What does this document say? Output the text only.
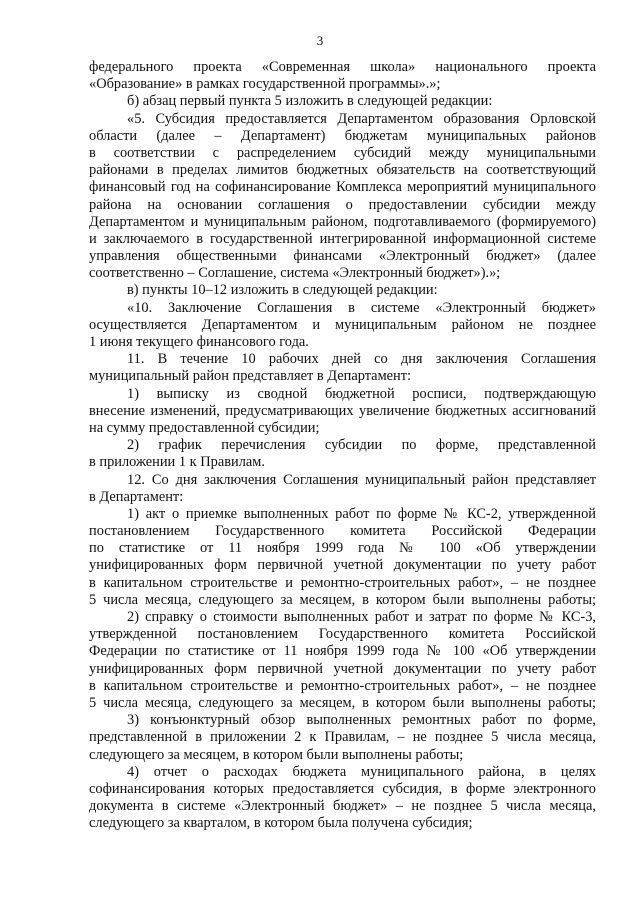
3
федерального проекта «Современная школа» национального проекта
«Образование» в рамках государственной программы».»;
б) абзац первый пункта 5 изложить в следующей редакции:
«5. Субсидия предоставляется Департаментом образования Орловской
области (далее – Департамент) бюджетам муниципальных районов
в соответствии с распределением субсидий между муниципальными
районами в пределах лимитов бюджетных обязательств на соответствующий
финансовый год на софинансирование Комплекса мероприятий муниципального
района на основании соглашения о предоставлении субсидии между
Департаментом и муниципальным районом, подготавливаемого (формируемого)
и заключаемого в государственной интегрированной информационной системе
управления общественными финансами «Электронный бюджет» (далее
соответственно – Соглашение, система «Электронный бюджет»).»;
в) пункты 10–12 изложить в следующей редакции:
«10. Заключение Соглашения в системе «Электронный бюджет»
осуществляется Департаментом и муниципальным районом не позднее
1 июня текущего финансового года.
11. В течение 10 рабочих дней со дня заключения Соглашения
муниципальный район представляет в Департамент:
1) выписку из сводной бюджетной росписи, подтверждающую
внесение изменений, предусматривающих увеличение бюджетных ассигнований
на сумму предоставленной субсидии;
2) график перечисления субсидии по форме, представленной
в приложении 1 к Правилам.
12. Со дня заключения Соглашения муниципальный район представляет
в Департамент:
1) акт о приемке выполненных работ по форме № КС-2, утвержденной
постановлением Государственного комитета Российской Федерации
по статистике от 11 ноября 1999 года № 100 «Об утверждении
унифицированных форм первичной учетной документации по учету работ
в капитальном строительстве и ремонтно-строительных работ», – не позднее
5 числа месяца, следующего за месяцем, в котором были выполнены работы;
2) справку о стоимости выполненных работ и затрат по форме № КС-3,
утвержденной постановлением Государственного комитета Российской
Федерации по статистике от 11 ноября 1999 года № 100 «Об утверждении
унифицированных форм первичной учетной документации по учету работ
в капитальном строительстве и ремонтно-строительных работ», – не позднее
5 числа месяца, следующего за месяцем, в котором были выполнены работы;
3) конъюнктурный обзор выполненных ремонтных работ по форме,
представленной в приложении 2 к Правилам, – не позднее 5 числа месяца,
следующего за месяцем, в котором были выполнены работы;
4) отчет о расходах бюджета муниципального района, в целях
софинансирования которых предоставляется субсидия, в форме электронного
документа в системе «Электронный бюджет» – не позднее 5 числа месяца,
следующего за кварталом, в котором была получена субсидия;
